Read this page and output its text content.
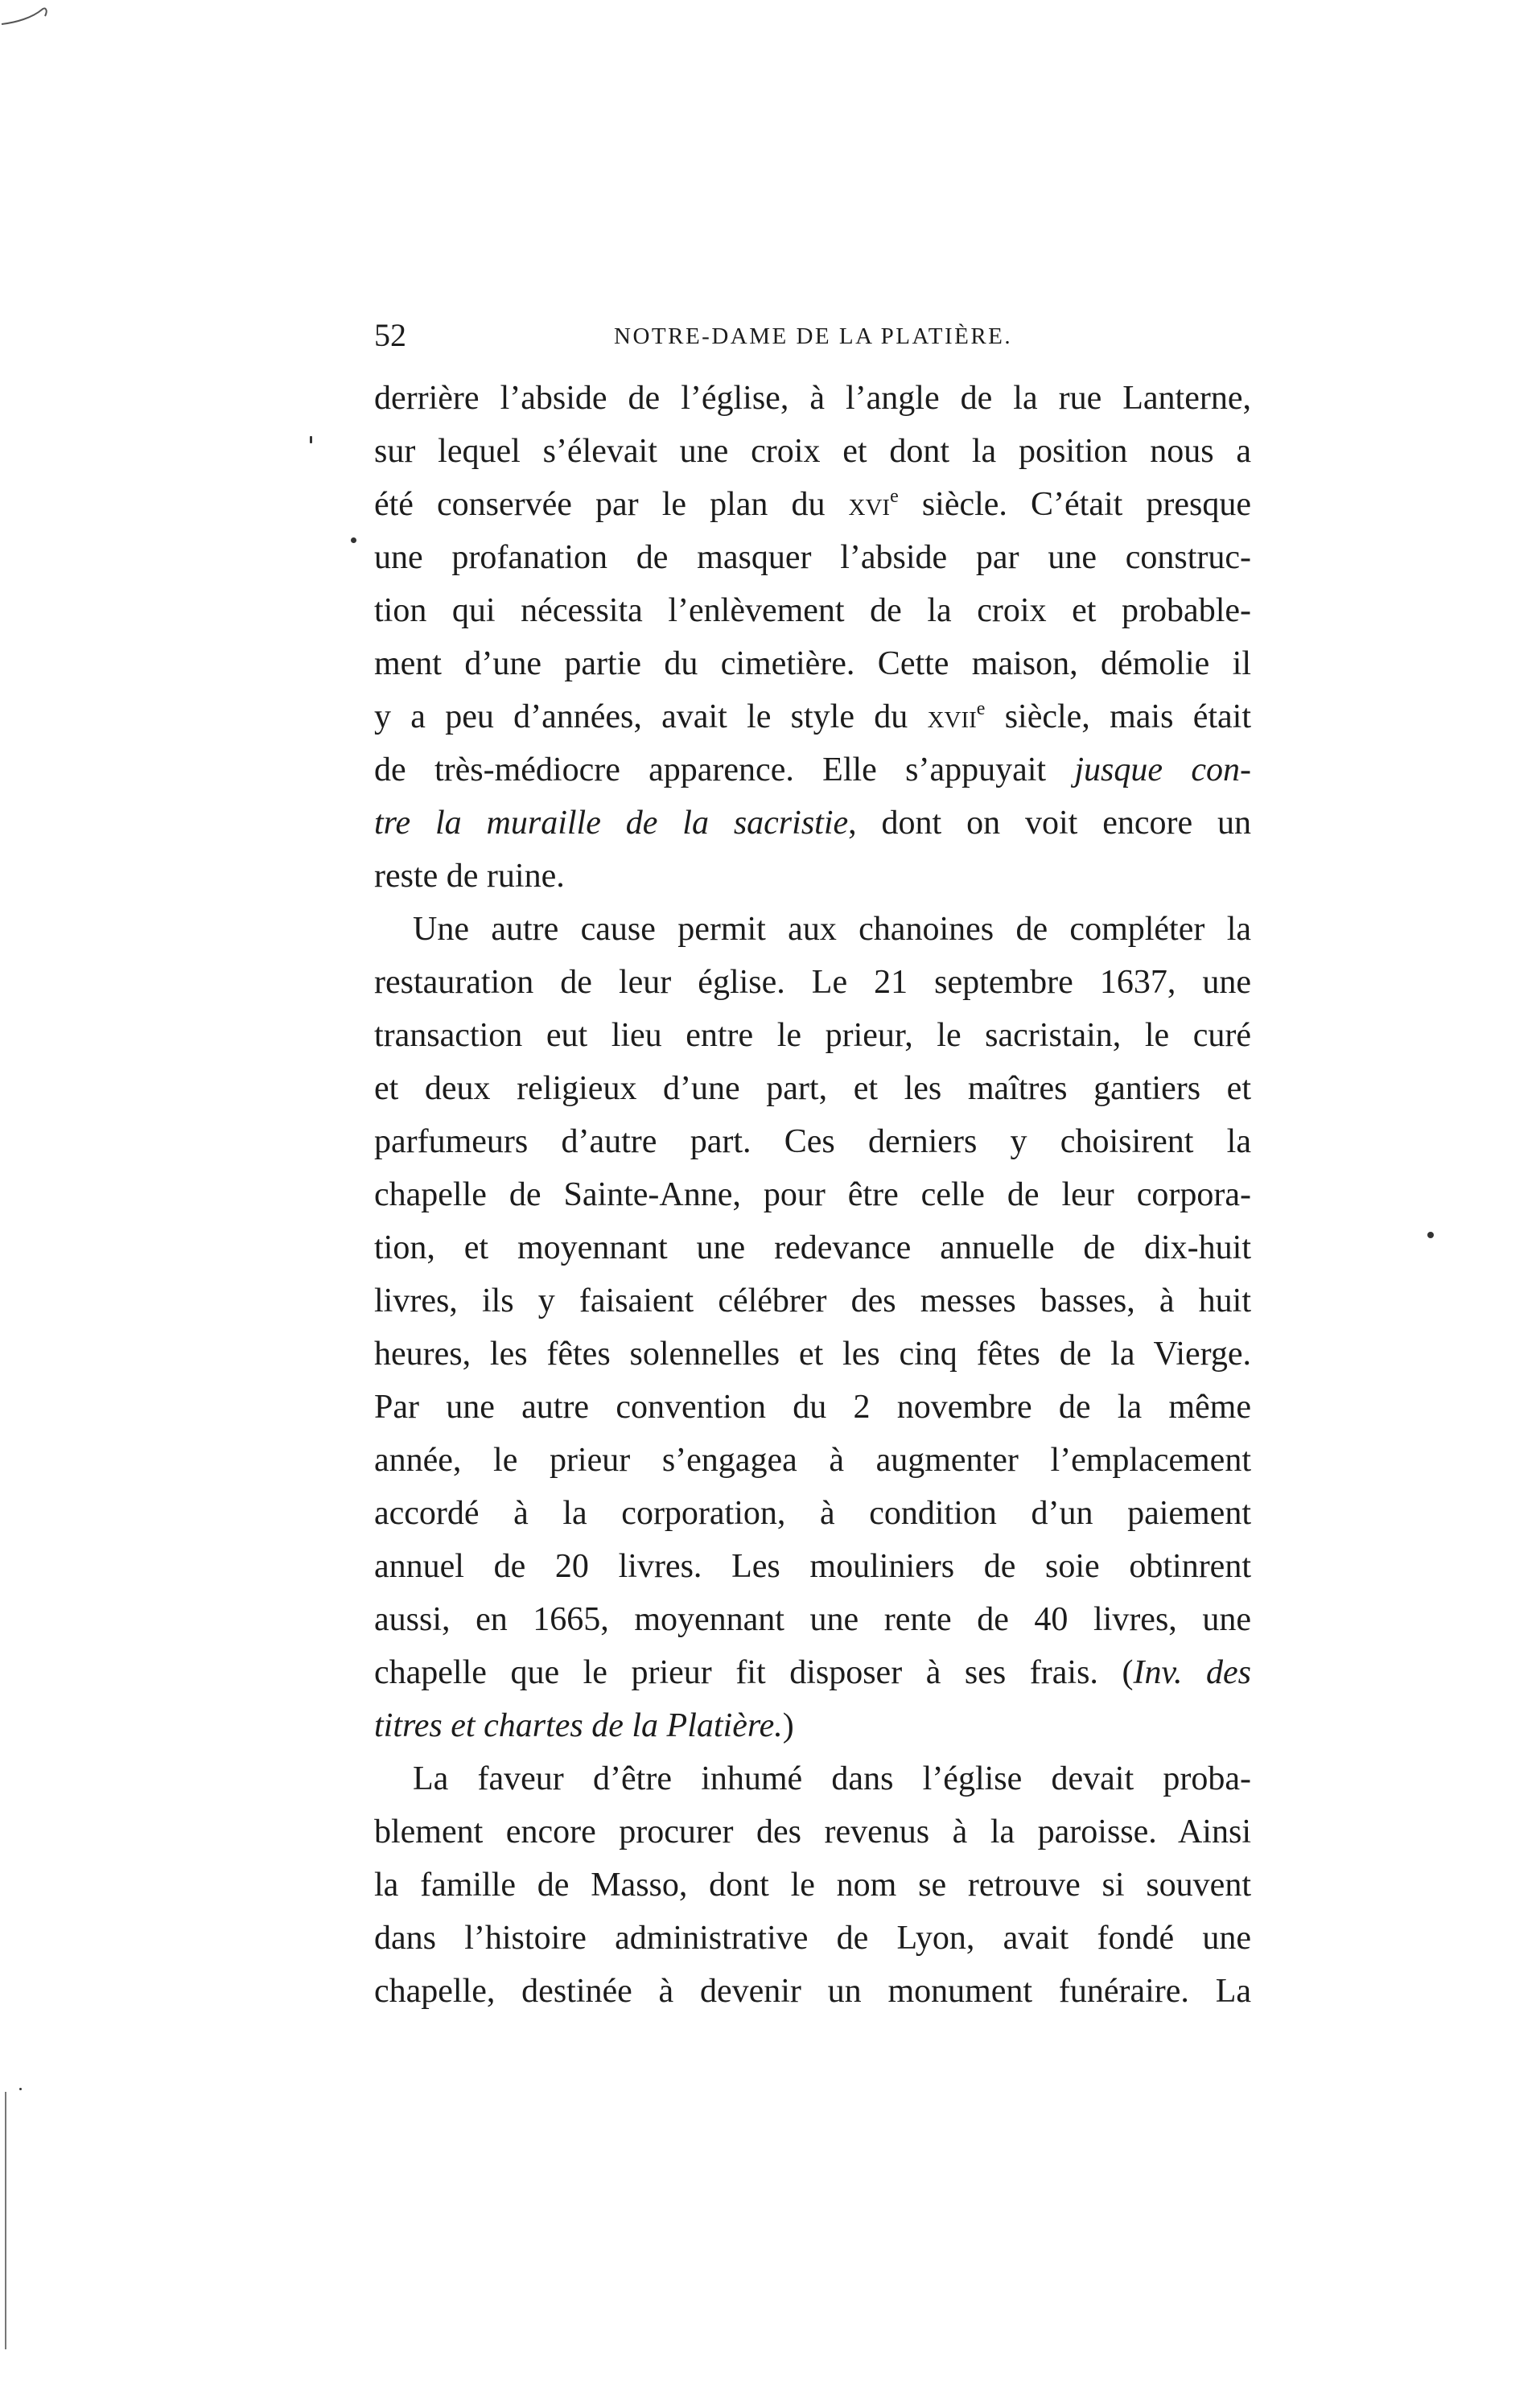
52	NOTRE-DAME DE LA PLATIÈRE.
derrière l’abside de l’église, à l’angle de la rue Lanterne,
sur lequel s’élevait une croix et dont la position nous a
été conservée par le plan du xvi$^e$ siècle. C’était presque
une profanation de masquer l’abside par une construc-
tion qui nécessita l’enlèvement de la croix et probable-
ment d’une partie du cimetière. Cette maison, démolie il
y a peu d’années, avait le style du xvii$^e$ siècle, mais était
de très-médiocre apparence. Elle s’appuyait jusque con-
tre la muraille de la sacristie, dont on voit encore un
reste de ruine.
Une autre cause permit aux chanoines de compléter la
restauration de leur église. Le 21 septembre 1637, une
transaction eut lieu entre le prieur, le sacristain, le curé
et deux religieux d’une part, et les maîtres gantiers et
parfumeurs d’autre part. Ces derniers y choisirent la
chapelle de Sainte-Anne, pour être celle de leur corpora-
tion, et moyennant une redevance annuelle de dix-huit
livres, ils y faisaient célébrer des messes basses, à huit
heures, les fêtes solennelles et les cinq fêtes de la Vierge.
Par une autre convention du 2 novembre de la même
année, le prieur s’engagea à augmenter l’emplacement
accordé à la corporation, à condition d’un paiement
annuel de 20 livres. Les mouliniers de soie obtinrent
aussi, en 1665, moyennant une rente de 40 livres, une
chapelle que le prieur fit disposer à ses frais. (Inv. des
titres et chartes de la Platière.)
La faveur d’être inhumé dans l’église devait proba-
blement encore procurer des revenus à la paroisse. Ainsi
la famille de Masso, dont le nom se retrouve si souvent
dans l’histoire administrative de Lyon, avait fondé une
chapelle, destinée à devenir un monument funéraire. La
